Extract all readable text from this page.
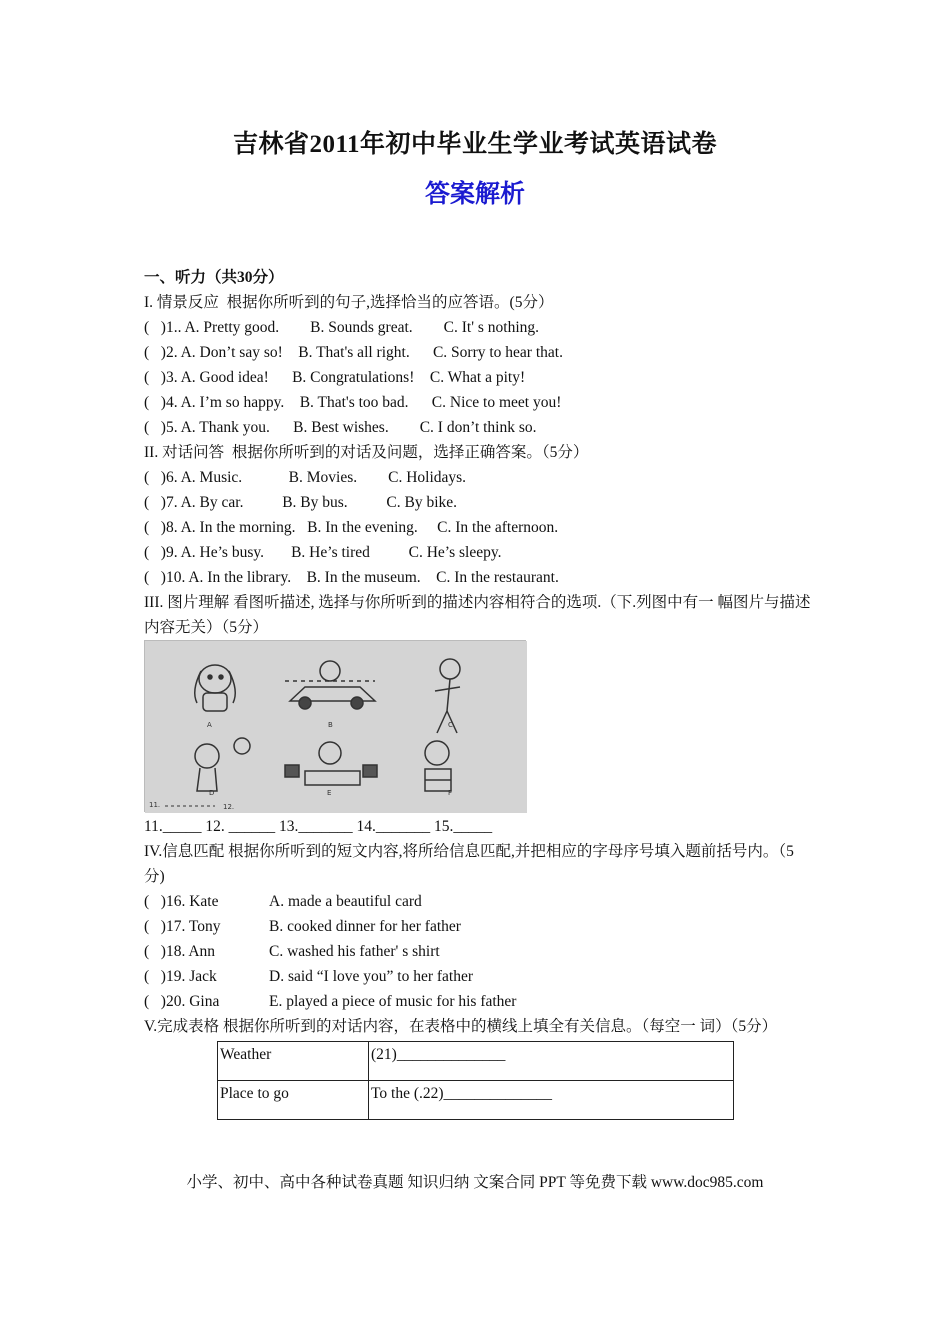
吉林省2011年初中毕业生学业考试英语试卷
答案解析
一、听力（共30分）
I. 情景反应  根据你所听到的句子,选择恰当的应答语。(5分）
(   )1.. A. Pretty good.        B. Sounds great.        C. It' s nothing.
(   )2. A. Don’t say so!    B. That's all right.      C. Sorry to hear that.
(   )3. A. Good idea!      B. Congratulations!    C. What a pity!
(   )4. A. I’m so happy.    B. That's too bad.      C. Nice to meet you!
(   )5. A. Thank you.      B. Best wishes.        C. I don’t think so.
II. 对话问答  根据你所听到的对话及问题，选择正确答案。（5分）
(   )6. A. Music.            B. Movies.        C. Holidays.
(   )7. A. By car.          B. By bus.          C. By bike.
(   )8. A. In the morning.   B. In the evening.     C. In the afternoon.
(   )9. A. He’s busy.       B. He’s tired          C. He’s sleepy.
(   )10. A. In the library.    B. In the museum.    C. In the restaurant.
III. 图片理解 看图听描述, 选择与你所听到的描述内容相符合的选项.（下.列图中有一 幅图片与描述内容无关）（5分）
A	B	C
D	E	F
11.	12.
11._____ 12. ______ 13._______ 14._______ 15._____
IV.信息匹配 根据你所听到的短文内容,将所给信息匹配,并把相应的字母序号填入题前括号内。（5分)
(   )16. Kate	A. made a beautiful card
(   )17. Tony	B. cooked dinner for her father
(   )18. Ann	C. washed his father' s shirt
(   )19. Jack	D. said “I love you” to her father
(   )20. Gina	E. played a piece of music for his father
V.完成表格 根据你所听到的对话内容，在表格中的横线上填全有关信息。（每空一 词）（5分）
Weather	(21)______________
Place to go	To the (.22)______________
小学、初中、高中各种试卷真题 知识归纳 文案合同 PPT 等免费下载 www.doc985.com
